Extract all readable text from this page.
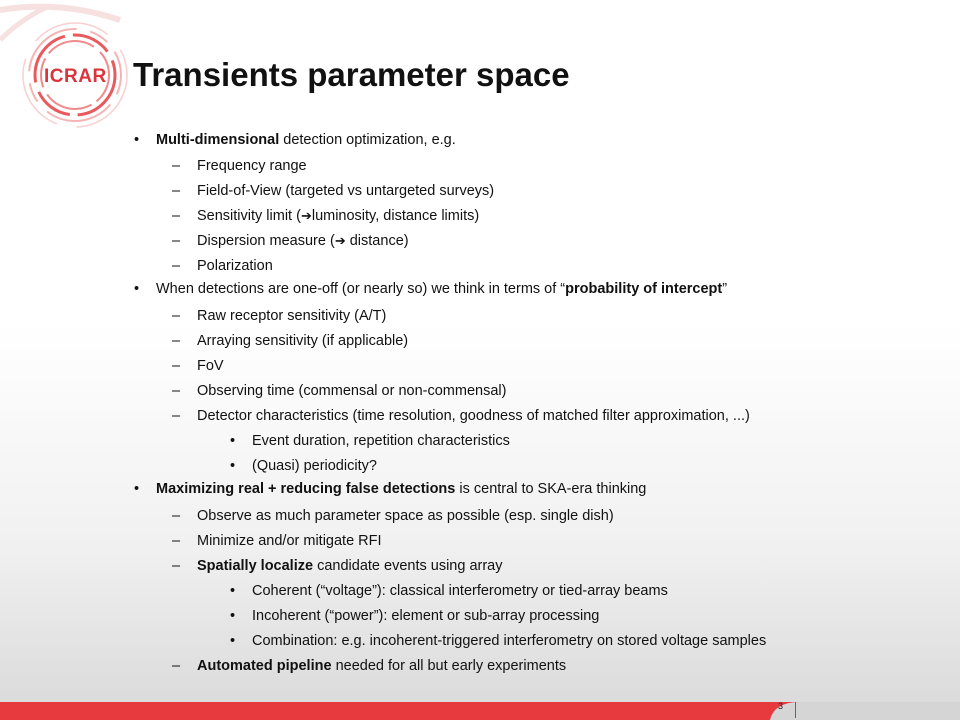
ICRAR Transients parameter space
• Multi-dimensional detection optimization, e.g.
– Frequency range
– Field-of-View (targeted vs untargeted surveys)
– Sensitivity limit (➔luminosity, distance limits)
– Dispersion measure (➔ distance)
– Polarization
• When detections are one-off (or nearly so) we think in terms of “probability of intercept”
– Raw receptor sensitivity (A/T)
– Arraying sensitivity (if applicable)
– FoV
– Observing time (commensal or non-commensal)
– Detector characteristics (time resolution, goodness of matched filter approximation, ...)
• Event duration, repetition characteristics
• (Quasi) periodicity?
• Maximizing real + reducing false detections is central to SKA-era thinking
– Observe as much parameter space as possible (esp. single dish)
– Minimize and/or mitigate RFI
– Spatially localize candidate events using array
• Coherent (“voltage”): classical interferometry or tied-array beams
• Incoherent (“power”): element or sub-array processing
• Combination: e.g. incoherent-triggered interferometry on stored voltage samples
– Automated pipeline needed for all but early experiments
3
